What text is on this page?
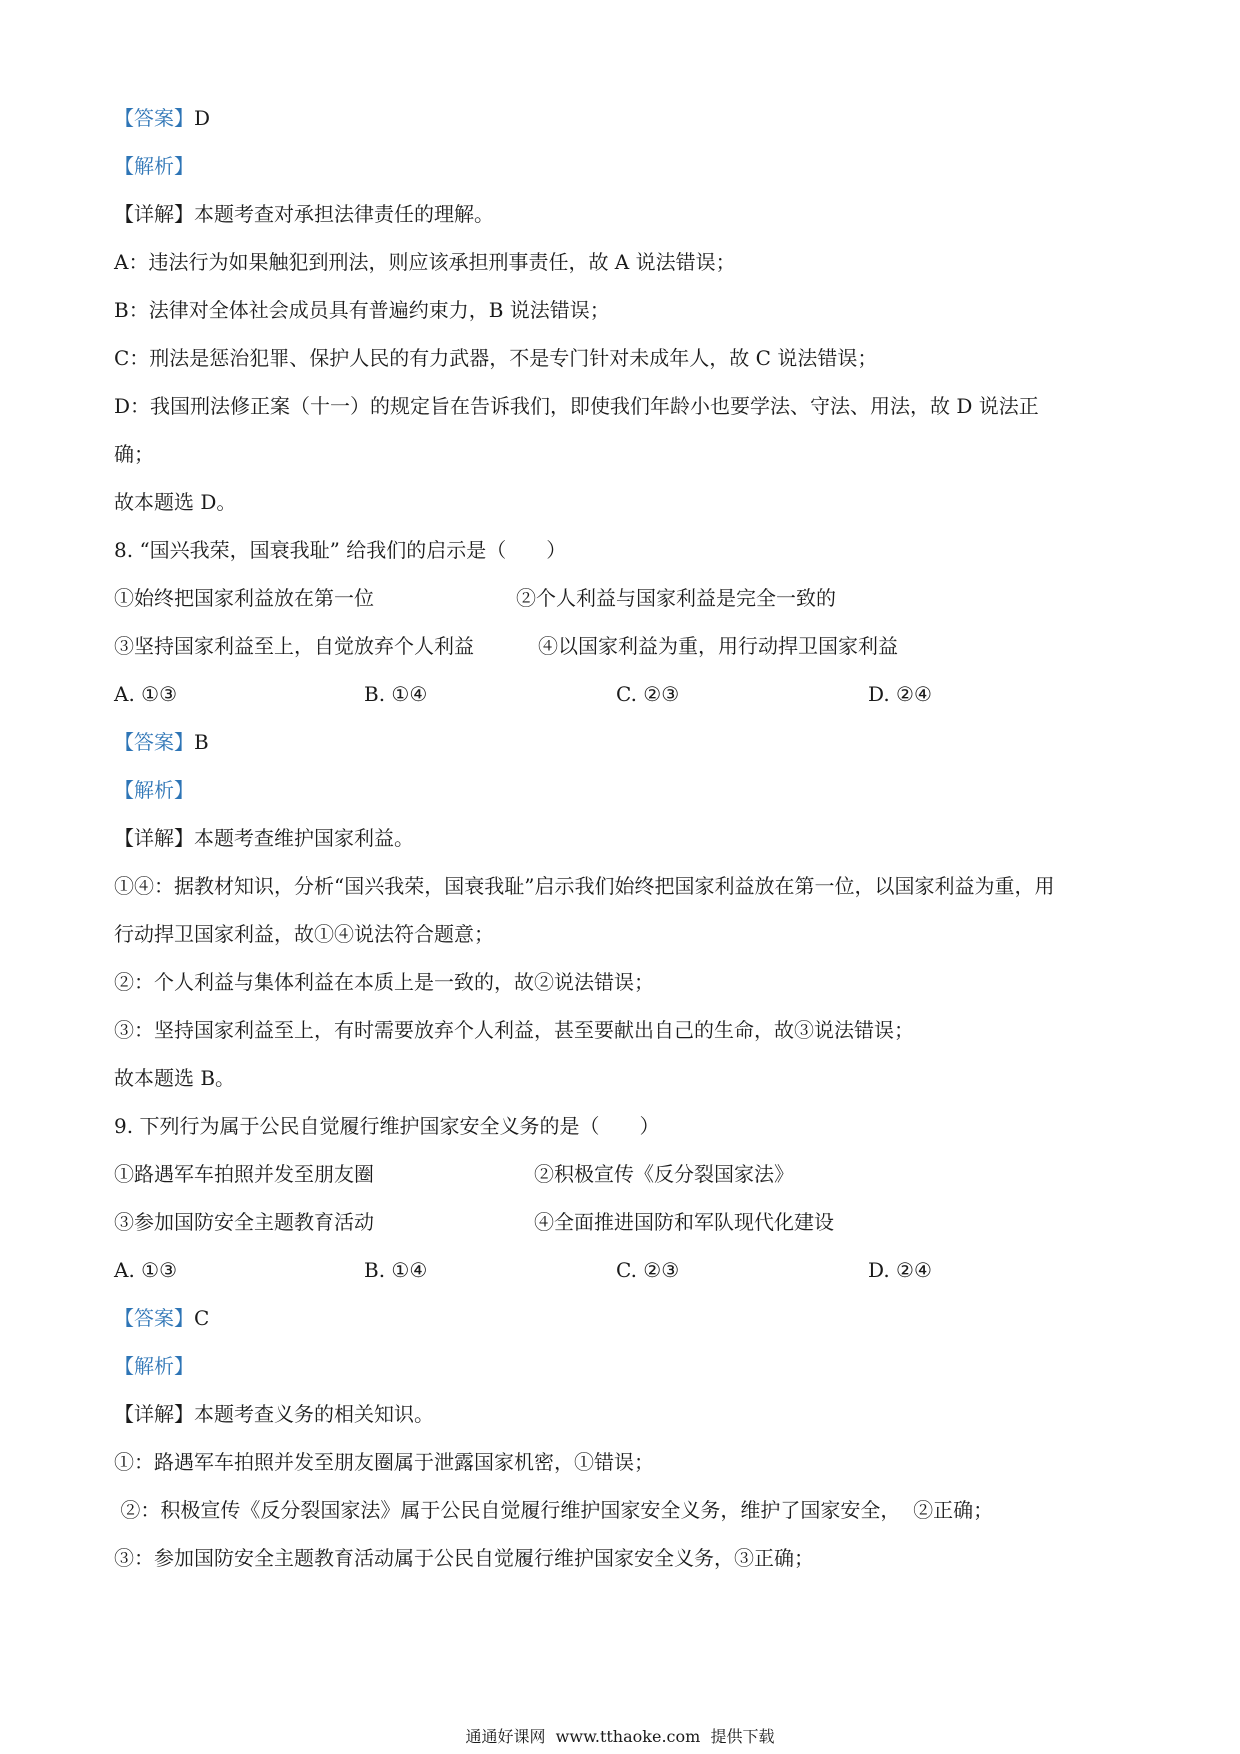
【答案】D
【解析】
【详解】本题考查对承担法律责任的理解。
A：违法行为如果触犯到刑法，则应该承担刑事责任，故 A 说法错误；
B：法律对全体社会成员具有普遍约束力，B 说法错误；
C：刑法是惩治犯罪、保护人民的有力武器，不是专门针对未成年人，故 C 说法错误；
D：我国刑法修正案（十一）的规定旨在告诉我们，即使我们年龄小也要学法、守法、用法，故 D 说法正
确；
故本题选 D。
8. “国兴我荣，国衰我耻” 给我们的启示是（　　）
①始终把国家利益放在第一位	②个人利益与国家利益是完全一致的
③坚持国家利益至上，自觉放弃个人利益	④以国家利益为重，用行动捍卫国家利益
A. ①③	B. ①④	C. ②③	D. ②④
【答案】B
【解析】
【详解】本题考查维护国家利益。
①④：据教材知识，分析“国兴我荣，国衰我耻”启示我们始终把国家利益放在第一位，以国家利益为重，用
行动捍卫国家利益，故①④说法符合题意；
②：个人利益与集体利益在本质上是一致的，故②说法错误；
③：坚持国家利益至上，有时需要放弃个人利益，甚至要献出自己的生命，故③说法错误；
故本题选 B。
9. 下列行为属于公民自觉履行维护国家安全义务的是（　　）
①路遇军车拍照并发至朋友圈	②积极宣传《反分裂国家法》
③参加国防安全主题教育活动	④全面推进国防和军队现代化建设
A. ①③	B. ①④	C. ②③	D. ②④
【答案】C
【解析】
【详解】本题考查义务的相关知识。
①：路遇军车拍照并发至朋友圈属于泄露国家机密，①错误；
②：积极宣传《反分裂国家法》属于公民自觉履行维护国家安全义务，维护了国家安全，  ②正确；
③：参加国防安全主题教育活动属于公民自觉履行维护国家安全义务，③正确；
通通好课网  www.tthaoke.com  提供下载
